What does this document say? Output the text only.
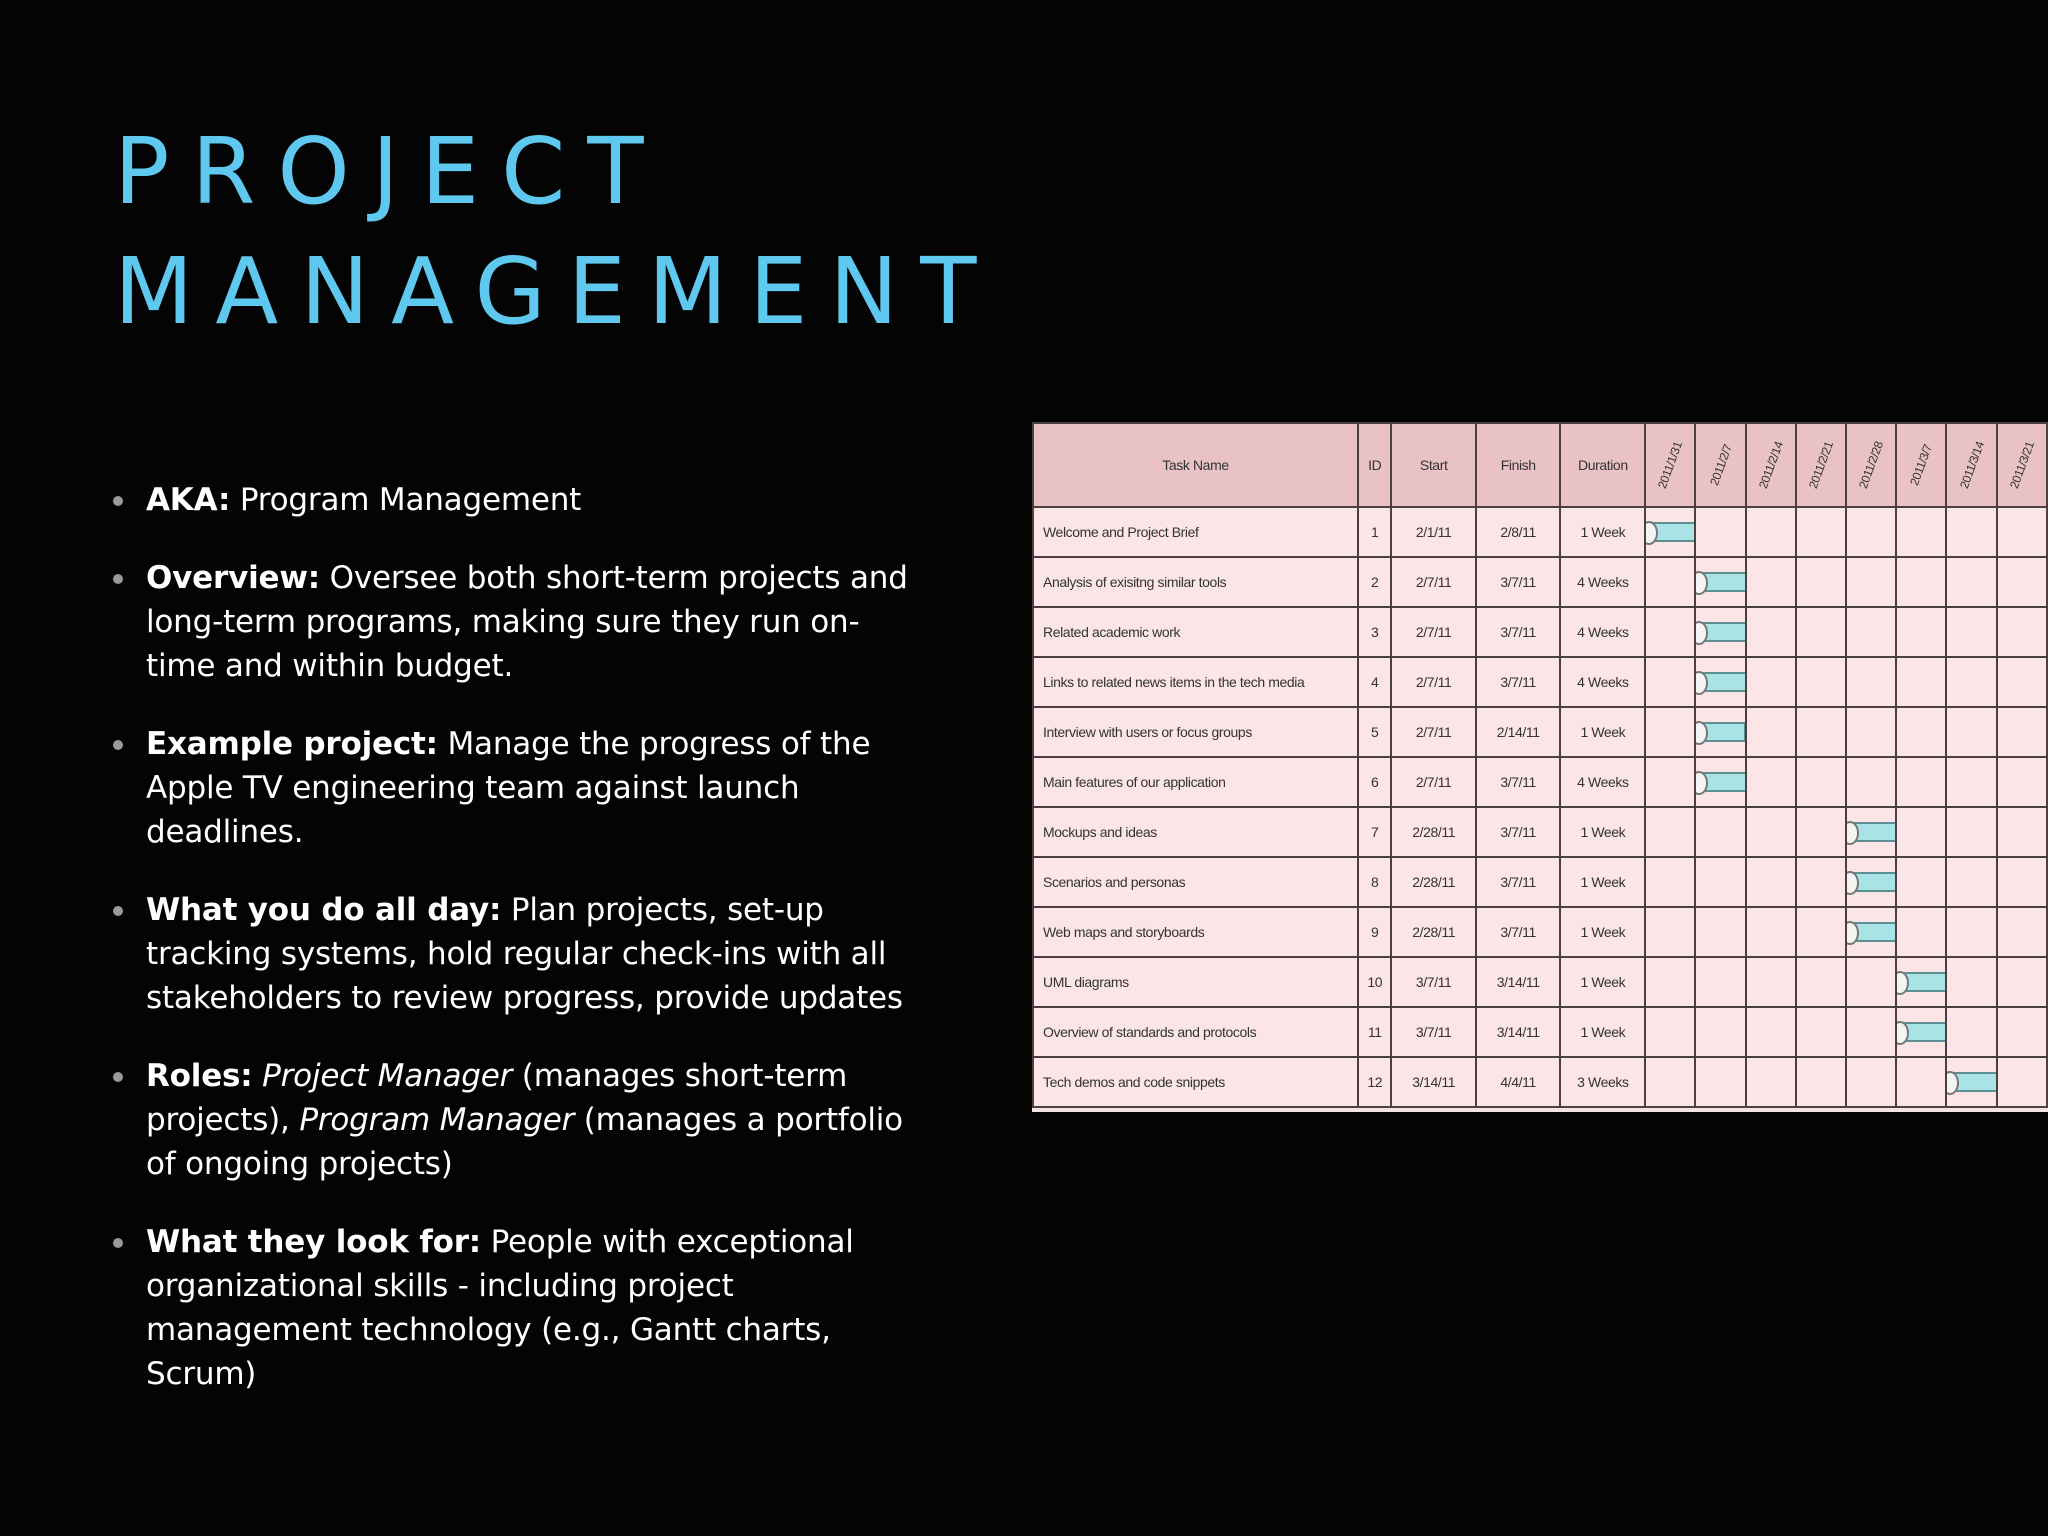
PROJECT
MANAGEMENT
AKA: Program Management
Overview: Oversee both short-term projects and long-term programs, making sure they run on-time and within budget.
Example project: Manage the progress of the Apple TV engineering team against launch deadlines.
What you do all day: Plan projects, set-up tracking systems, hold regular check-ins with all stakeholders to review progress, provide updates
Roles: Project Manager (manages short-term projects), Program Manager (manages a portfolio of ongoing projects)
What they look for: People with exceptional organizational skills - including project management technology (e.g., Gantt charts, Scrum)
Task Name	ID	Start	Finish	Duration	2011/1/31	2011/2/7	2011/2/14	2011/2/21	2011/2/28	2011/3/7	2011/3/14	2011/3/21

Welcome and Project Brief	1	2/1/11	2/8/11	1 Week	

Analysis of exisitng similar tools	2	2/7/11	3/7/11	4 Weeks		

Related academic work	3	2/7/11	3/7/11	4 Weeks		

Links to related news items in the tech media	4	2/7/11	3/7/11	4 Weeks		

Interview with users or focus groups	5	2/7/11	2/14/11	1 Week		

Main features of our application	6	2/7/11	3/7/11	4 Weeks		

Mockups and ideas	7	2/28/11	3/7/11	1 Week					

Scenarios and personas	8	2/28/11	3/7/11	1 Week					

Web maps and storyboards	9	2/28/11	3/7/11	1 Week					

UML diagrams	10	3/7/11	3/14/11	1 Week						

Overview of standards and protocols	11	3/7/11	3/14/11	1 Week						

Tech demos and code snippets	12	3/14/11	4/4/11	3 Weeks							
